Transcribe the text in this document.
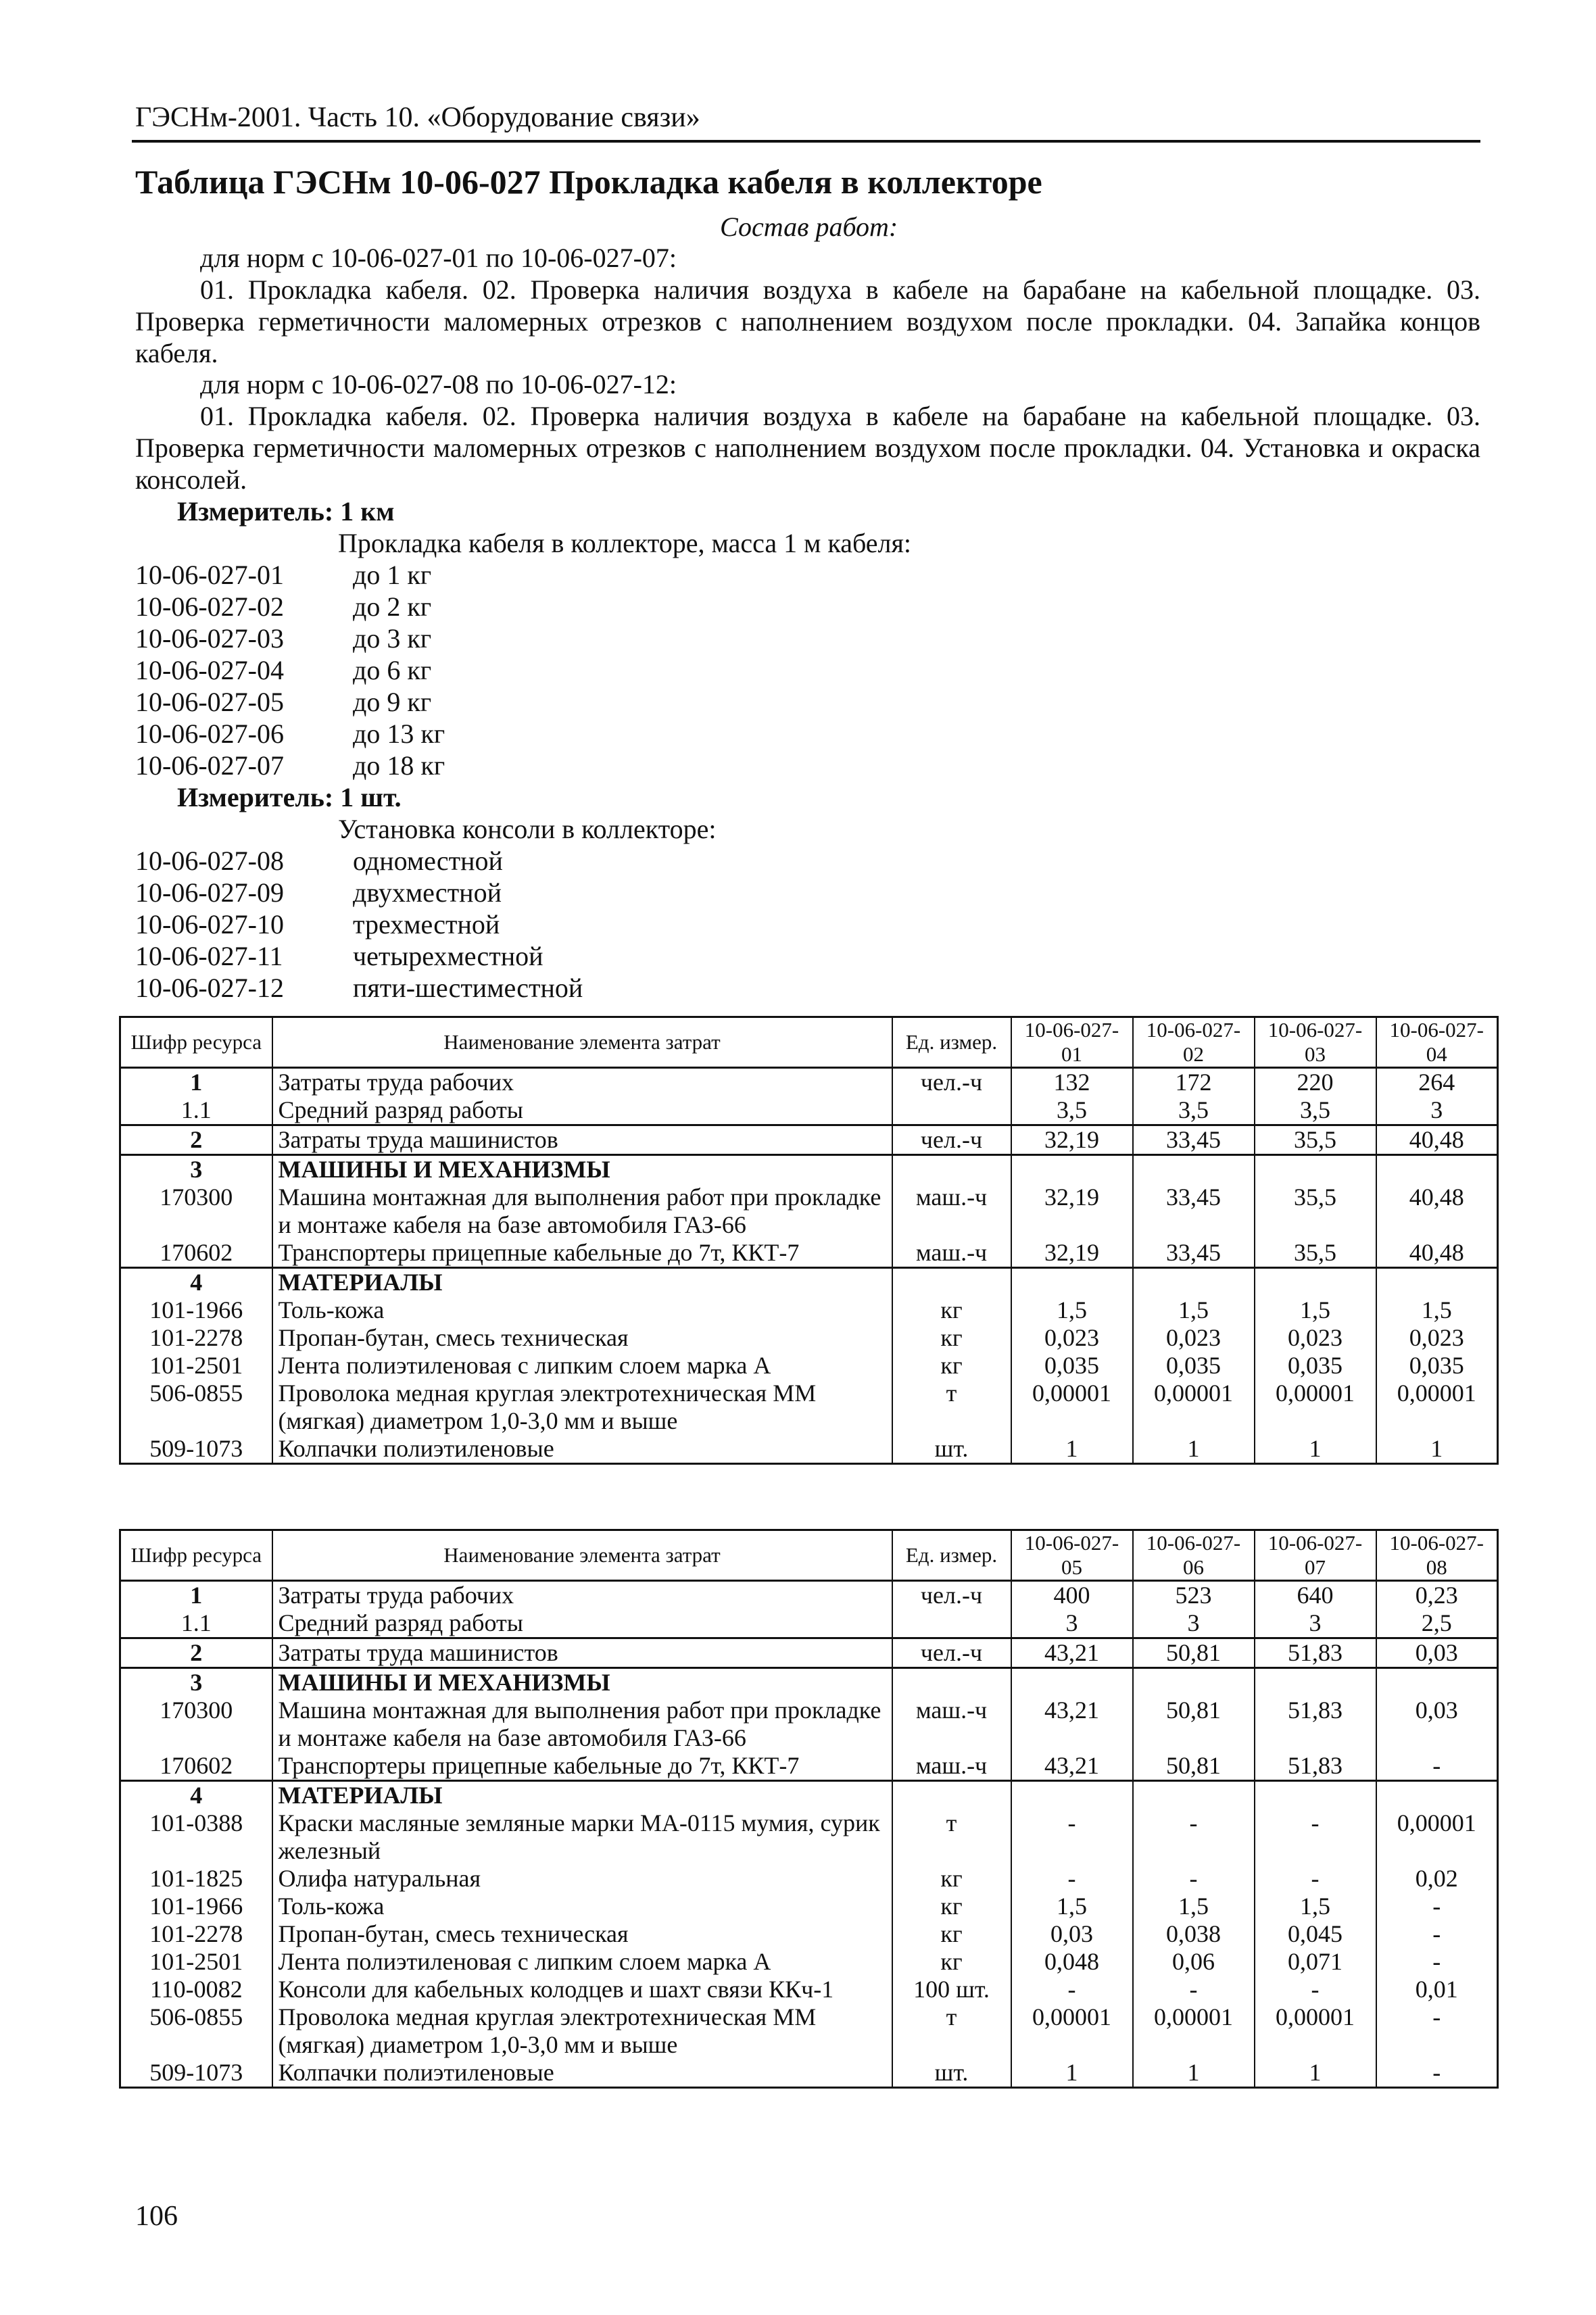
ГЭСНм-2001. Часть 10. «Оборудование связи»
Таблица ГЭСНм 10-06-027 Прокладка кабеля в коллекторе
Состав работ:
для норм с 10-06-027-01 по 10-06-027-07:
01. Прокладка кабеля. 02. Проверка наличия воздуха в кабеле на барабане на кабельной площадке. 03. Проверка герметичности маломерных отрезков с наполнением воздухом после прокладки. 04. Запайка концов кабеля.
для норм с 10-06-027-08 по 10-06-027-12:
01. Прокладка кабеля. 02. Проверка наличия воздуха в кабеле на барабане на кабельной площадке. 03. Проверка герметичности маломерных отрезков с наполнением воздухом после прокладки. 04. Установка и окраска консолей.
Измеритель: 1 км
Прокладка кабеля в коллекторе, масса 1 м кабеля:
10-06-027-01	до 1 кг
10-06-027-02	до 2 кг
10-06-027-03	до 3 кг
10-06-027-04	до 6 кг
10-06-027-05	до 9 кг
10-06-027-06	до 13 кг
10-06-027-07	до 18 кг
Измеритель: 1 шт.
Установка консоли в коллекторе:
10-06-027-08	одноместной
10-06-027-09	двухместной
10-06-027-10	трехместной
10-06-027-11	четырехместной
10-06-027-12	пяти-шестиместной
Шифр ресурса	Наименование элемента затрат	Ед. измер.	10-06-027-01	10-06-027-02	10-06-027-03	10-06-027-04
1	Затраты труда рабочих	чел.-ч	132	172	220	264
1.1	Средний разряд работы		3,5	3,5	3,5	3
2	Затраты труда машинистов	чел.-ч	32,19	33,45	35,5	40,48
3	МАШИНЫ И МЕХАНИЗМЫ					
170300	Машина монтажная для выполнения работ при прокладке и монтаже кабеля на базе автомобиля ГАЗ-66	маш.-ч	32,19	33,45	35,5	40,48
170602	Транспортеры прицепные кабельные до 7т, ККТ-7	маш.-ч	32,19	33,45	35,5	40,48
4	МАТЕРИАЛЫ					
101-1966	Толь-кожа	кг	1,5	1,5	1,5	1,5
101-2278	Пропан-бутан, смесь техническая	кг	0,023	0,023	0,023	0,023
101-2501	Лента полиэтиленовая с липким слоем марка А	кг	0,035	0,035	0,035	0,035
506-0855	Проволока медная круглая электротехническая ММ (мягкая) диаметром 1,0-3,0 мм и выше	т	0,00001	0,00001	0,00001	0,00001
509-1073	Колпачки полиэтиленовые	шт.	1	1	1	1
Шифр ресурса	Наименование элемента затрат	Ед. измер.	10-06-027-05	10-06-027-06	10-06-027-07	10-06-027-08
1	Затраты труда рабочих	чел.-ч	400	523	640	0,23
1.1	Средний разряд работы		3	3	3	2,5
2	Затраты труда машинистов	чел.-ч	43,21	50,81	51,83	0,03
3	МАШИНЫ И МЕХАНИЗМЫ					
170300	Машина монтажная для выполнения работ при прокладке и монтаже кабеля на базе автомобиля ГАЗ-66	маш.-ч	43,21	50,81	51,83	0,03
170602	Транспортеры прицепные кабельные до 7т, ККТ-7	маш.-ч	43,21	50,81	51,83	-
4	МАТЕРИАЛЫ					
101-0388	Краски масляные земляные марки МА-0115 мумия, сурик железный	т	-	-	-	0,00001
101-1825	Олифа натуральная	кг	-	-	-	0,02
101-1966	Толь-кожа	кг	1,5	1,5	1,5	-
101-2278	Пропан-бутан, смесь техническая	кг	0,03	0,038	0,045	-
101-2501	Лента полиэтиленовая с липким слоем марка А	кг	0,048	0,06	0,071	-
110-0082	Консоли для кабельных колодцев и шахт связи ККч-1	100 шт.	-	-	-	0,01
506-0855	Проволока медная круглая электротехническая ММ (мягкая) диаметром 1,0-3,0 мм и выше	т	0,00001	0,00001	0,00001	-
509-1073	Колпачки полиэтиленовые	шт.	1	1	1	-
106
